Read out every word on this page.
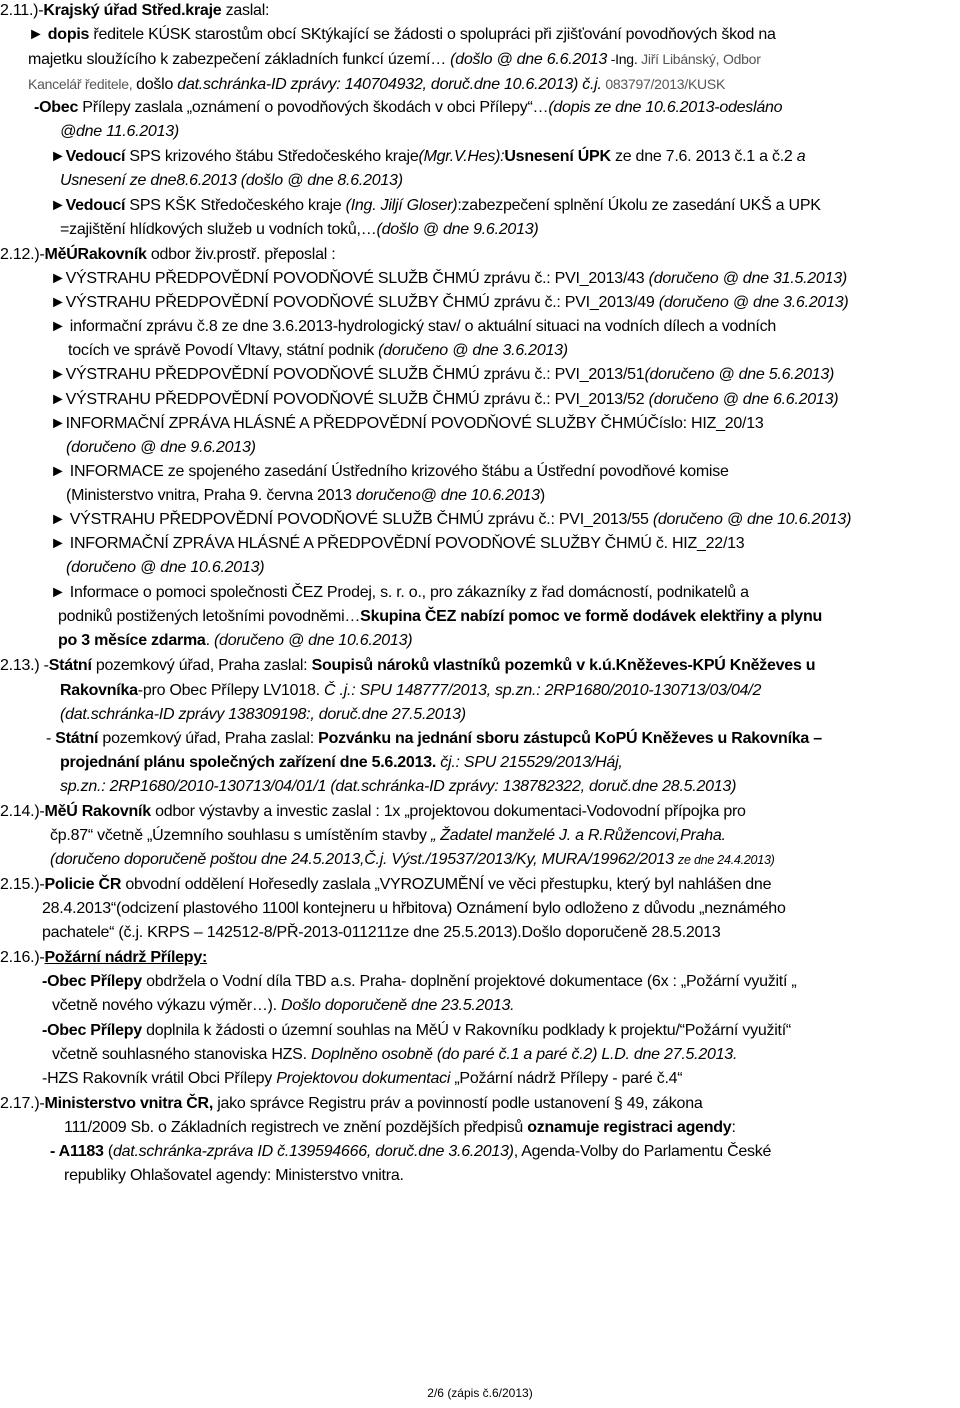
2.11.)-Krajský úřad Střed.kraje zaslal:
► dopis ředitele KÚSK starostům obcí SKtýkající se žádosti o spolupráci při zjišťování povodňových škod na
majetku sloužícího k zabezpečení základních funkcí území… (došlo @ dne 6.6.2013 -Ing. Jiří Libánský, Odbor
Kancelář ředitele, došlo dat.schránka-ID zprávy: 140704932, doruč.dne 10.6.2013) č.j. 083797/2013/KUSK
-Obec Přílepy zaslala „oznámení o povodňových škodách v obci Přílepy“…(dopis ze dne 10.6.2013-odesláno
@dne 11.6.2013)
►Vedoucí SPS krizového štábu Středočeského kraje(Mgr.V.Hes):Usnesení ÚPK ze dne 7.6. 2013 č.1 a č.2 a
Usnesení ze dne8.6.2013 (došlo @ dne 8.6.2013)
►Vedoucí SPS KŠK Středočeského kraje (Ing. Jiljí Gloser):zabezpečení splnění Úkolu ze zasedání UKŠ a UPK
=zajištění hlídkových služeb u vodních toků,…(došlo @ dne 9.6.2013)
2.12.)-MěÚRakovník odbor živ.prostř. přeposlal :
►VÝSTRAHU PŘEDPOVĚDNÍ POVODŇOVÉ SLUŽB ČHMÚ zprávu č.: PVI_2013/43 (doručeno @ dne 31.5.2013)
►VÝSTRAHU PŘEDPOVĚDNÍ POVODŇOVÉ SLUŽBY ČHMÚ zprávu č.: PVI_2013/49 (doručeno @ dne 3.6.2013)
► informační zprávu č.8 ze dne 3.6.2013-hydrologický stav/ o aktuální situaci na vodních dílech a vodních
tocích ve správě Povodí Vltavy, státní podnik (doručeno @ dne 3.6.2013)
►VÝSTRAHU PŘEDPOVĚDNÍ POVODŇOVÉ SLUŽB ČHMÚ zprávu č.: PVI_2013/51(doručeno @ dne 5.6.2013)
►VÝSTRAHU PŘEDPOVĚDNÍ POVODŇOVÉ SLUŽB ČHMÚ zprávu č.: PVI_2013/52 (doručeno @ dne 6.6.2013)
►INFORMAČNÍ ZPRÁVA HLÁSNÉ A PŘEDPOVĚDNÍ POVODŇOVÉ SLUŽBY ČHMÚČíslo: HIZ_20/13
(doručeno @ dne 9.6.2013)
► INFORMACE ze spojeného zasedání Ústředního krizového štábu a Ústřední povodňové komise
(Ministerstvo vnitra, Praha 9. června 2013 doručeno@ dne 10.6.2013)
► VÝSTRAHU PŘEDPOVĚDNÍ POVODŇOVÉ SLUŽB ČHMÚ zprávu č.: PVI_2013/55 (doručeno @ dne 10.6.2013)
► INFORMAČNÍ ZPRÁVA HLÁSNÉ A PŘEDPOVĚDNÍ POVODŇOVÉ SLUŽBY ČHMÚ č. HIZ_22/13
(doručeno @ dne 10.6.2013)
► Informace o pomoci společnosti ČEZ Prodej, s. r. o., pro zákazníky z řad domácností, podnikatelů a
podniků postižených letošními povodněmi…Skupina ČEZ nabízí pomoc ve formě dodávek elektřiny a plynu
po 3 měsíce zdarma. (doručeno @ dne 10.6.2013)
2.13.) -Státní pozemkový úřad, Praha zaslal: Soupisů nároků vlastníků pozemků v k.ú.Kněževes-KPÚ Kněževes u
Rakovníka-pro Obec Přílepy LV1018. Č .j.: SPU 148777/2013, sp.zn.: 2RP1680/2010-130713/03/04/2
(dat.schránka-ID zprávy 138309198:, doruč.dne 27.5.2013)
- Státní pozemkový úřad, Praha zaslal: Pozvánku na jednání sboru zástupců KoPÚ Kněževes u Rakovníka –
projednání plánu společných zařízení dne 5.6.2013. čj.: SPU 215529/2013/Háj,
sp.zn.: 2RP1680/2010-130713/04/01/1 (dat.schránka-ID zprávy: 138782322, doruč.dne 28.5.2013)
2.14.)-MěÚ Rakovník odbor výstavby a investic zaslal : 1x „projektovou dokumentaci-Vodovodní přípojka pro
čp.87“ včetně „Územního souhlasu s umístěním stavby „ Žadatel manželé J. a R.Růžencovi,Praha.
(doručeno doporučeně poštou dne 24.5.2013,Č.j. Výst./19537/2013/Ky, MURA/19962/2013 ze dne 24.4.2013)
2.15.)-Policie ČR obvodní oddělení Hořesedly zaslala „VYROZUMĚNÍ ve věci přestupku, který byl nahlášen dne
28.4.2013“(odcizení plastového 1100l kontejneru u hřbitova) Oznámení bylo odloženo z důvodu „neznámého
pachatele“ (č.j. KRPS – 142512-8/PŘ-2013-011211ze dne 25.5.2013).Došlo doporučeně 28.5.2013
2.16.)-Požární nádrž Přílepy:
-Obec Přílepy obdržela o Vodní díla TBD a.s. Praha- doplnění projektové dokumentace (6x : „Požární využití „
včetně nového výkazu výměr…). Došlo doporučeně dne 23.5.2013.
-Obec Přílepy doplnila k žádosti o územní souhlas na MěÚ v Rakovníku podklady k projektu/“Požární využití“
včetně souhlasného stanoviska HZS. Doplněno osobně (do paré č.1 a paré č.2) L.D. dne 27.5.2013.
-HZS Rakovník vrátil Obci Přílepy Projektovou dokumentaci „Požární nádrž Přílepy - paré č.4“
2.17.)-Ministerstvo vnitra ČR, jako správce Registru práv a povinností podle ustanovení § 49, zákona
111/2009 Sb. o Základních registrech ve znění pozdějších předpisů oznamuje registraci agendy:
- A1183 (dat.schránka-zpráva ID č.139594666, doruč.dne 3.6.2013), Agenda-Volby do Parlamentu České
republiky Ohlašovatel agendy: Ministerstvo vnitra.
2/6 (zápis č.6/2013)
